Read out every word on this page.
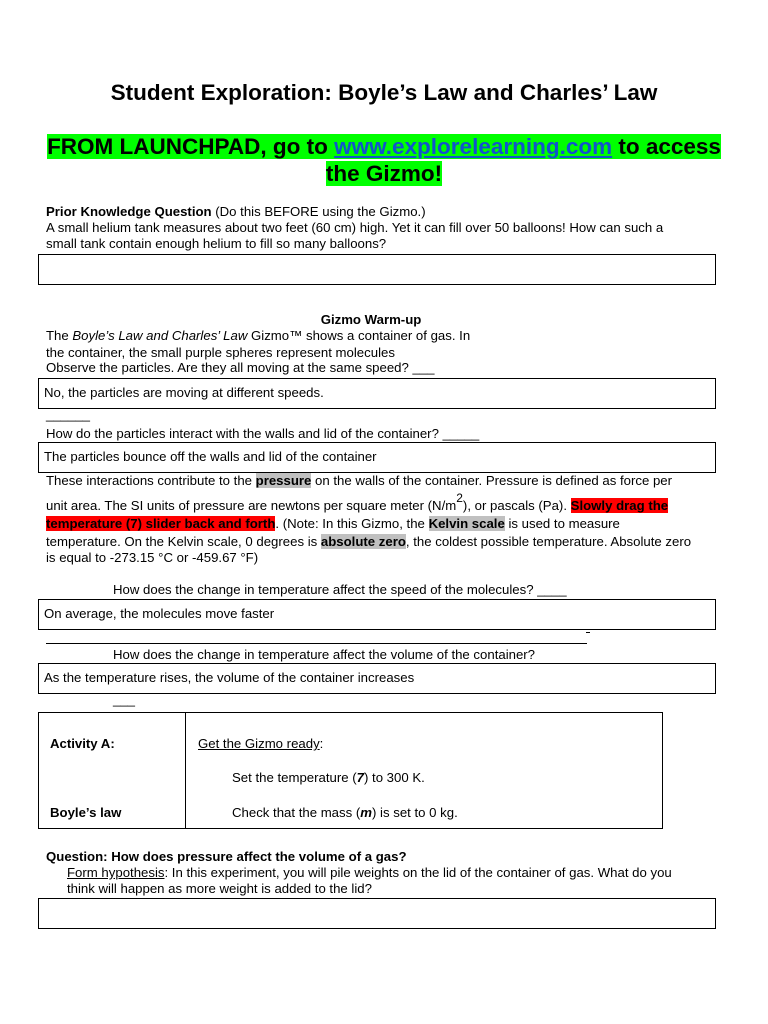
Student Exploration: Boyle’s Law and Charles’ Law
FROM LAUNCHPAD, go to www.explorelearning.com to access
the Gizmo!
Prior Knowledge Question (Do this BEFORE using the Gizmo.)
A small helium tank measures about two feet (60 cm) high. Yet it can fill over 50 balloons! How can such a
small tank contain enough helium to fill so many balloons?
Gizmo Warm-up
The Boyle’s Law and Charles’ Law Gizmo™ shows a container of gas. In
the container, the small purple spheres represent molecules
Observe the particles. Are they all moving at the same speed? ___
No, the particles are moving at different speeds.
______
How do the particles interact with the walls and lid of the container? _____
The particles bounce off the walls and lid of the container
These interactions contribute to the pressure on the walls of the container. Pressure is defined as force per
unit area. The SI units of pressure are newtons per square meter (N/m2), or pascals (Pa). Slowly drag the
temperature (7) slider back and forth. (Note: In this Gizmo, the Kelvin scale is used to measure
temperature. On the Kelvin scale, 0 degrees is absolute zero, the coldest possible temperature. Absolute zero
is equal to -273.15 °C or -459.67 °F)
How does the change in temperature affect the speed of the molecules? ____
On average, the molecules move faster
How does the change in temperature affect the volume of the container?
As the temperature rises, the volume of the container increases
___
Activity A:
Boyle’s law
Get the Gizmo ready:
Set the temperature (7) to 300 K.
Check that the mass (m) is set to 0 kg.
Question: How does pressure affect the volume of a gas?
Form hypothesis: In this experiment, you will pile weights on the lid of the container of gas. What do you
think will happen as more weight is added to the lid?
